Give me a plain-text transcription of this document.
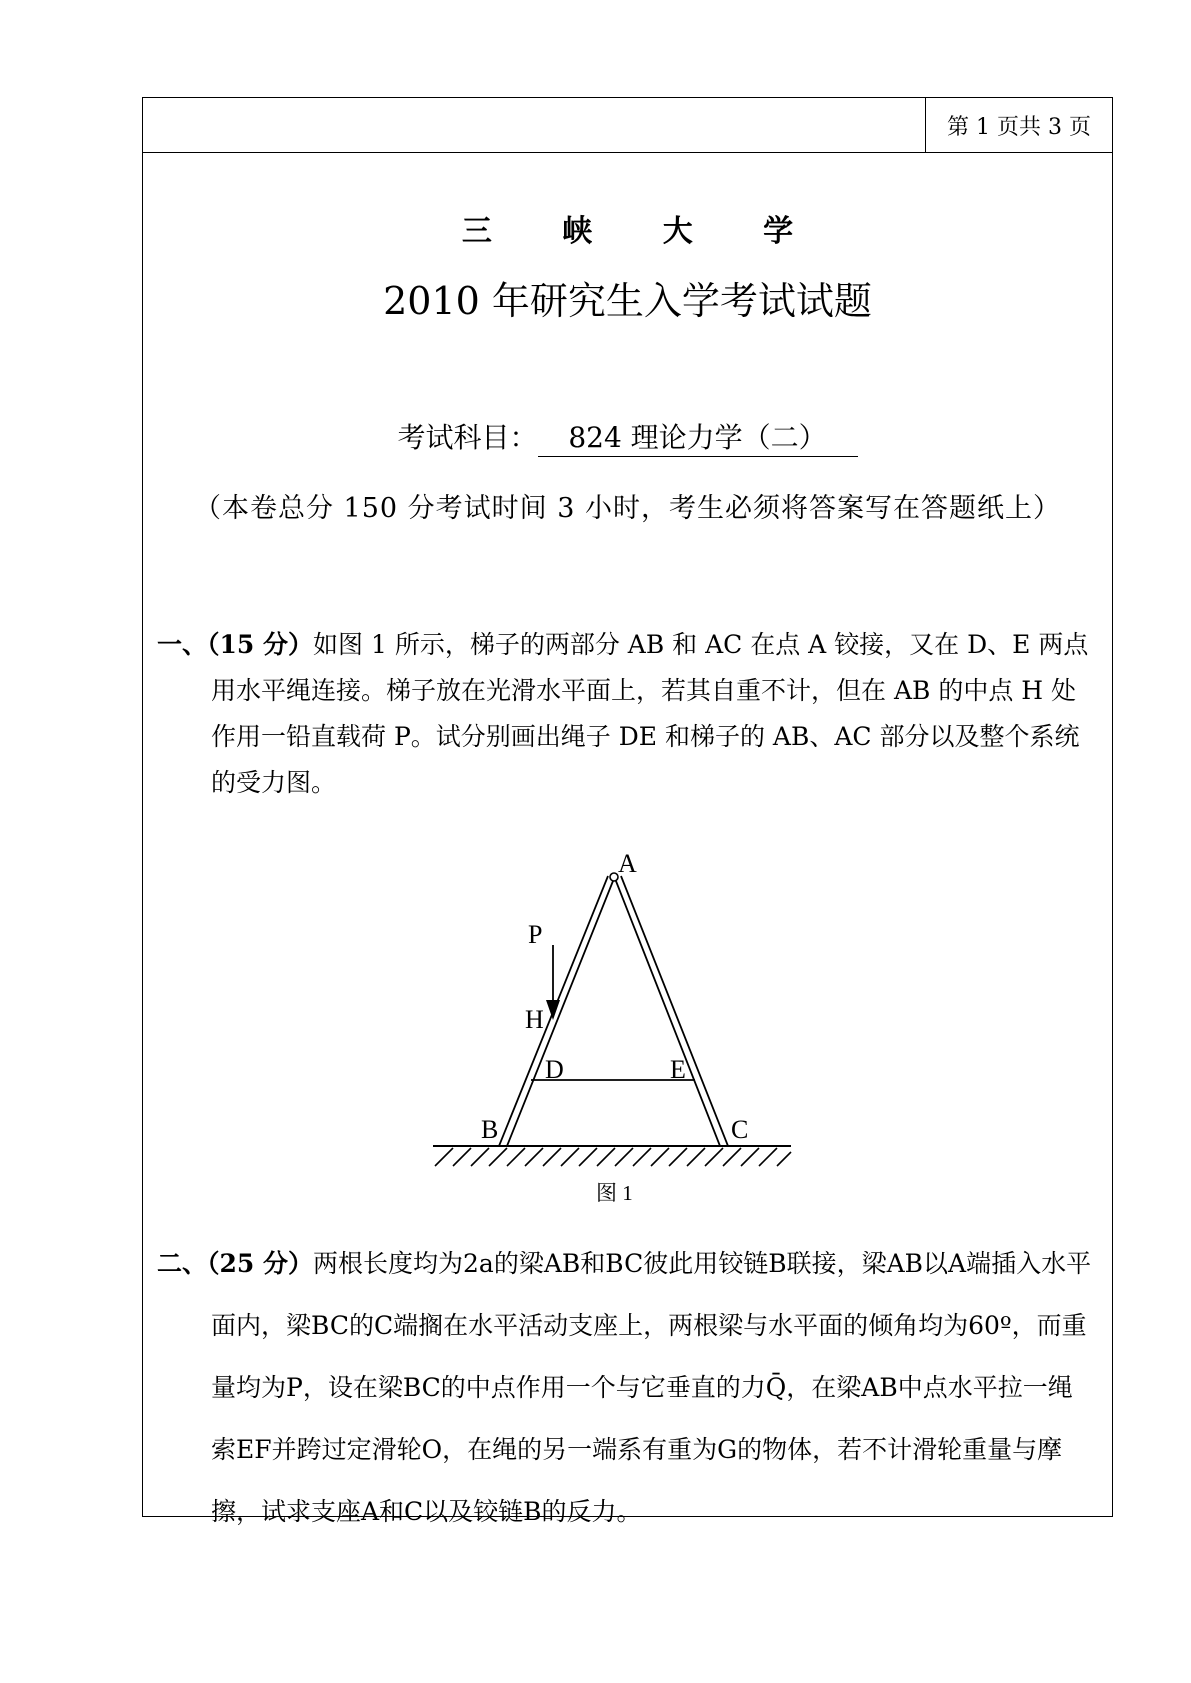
第 1 页共 3 页
三 峡 大 学
2010 年研究生入学考试试题
考试科目： 824 理论力学（二）
（本卷总分 150 分考试时间 3 小时，考生必须将答案写在答题纸上）
一、（15 分）如图 1 所示，梯子的两部分 AB 和 AC 在点 A 铰接，又在 D、E 两点用水平绳连接。梯子放在光滑水平面上，若其自重不计，但在 AB 的中点 H 处作用一铅直载荷 P。试分别画出绳子 DE 和梯子的 AB、AC 部分以及整个系统的受力图。
A
P
H
D	E
B	C
图 1
二、（25 分）两根长度均为2a的梁AB和BC彼此用铰链B联接，梁AB以A端插入水平面内，梁BC的C端搁在水平活动支座上，两根梁与水平面的倾角均为60º，而重量均为P，设在梁BC的中点作用一个与它垂直的力Q̄，在梁AB中点水平拉一绳索EF并跨过定滑轮O，在绳的另一端系有重为G的物体，若不计滑轮重量与摩擦，试求支座A和C以及铰链B的反力。
